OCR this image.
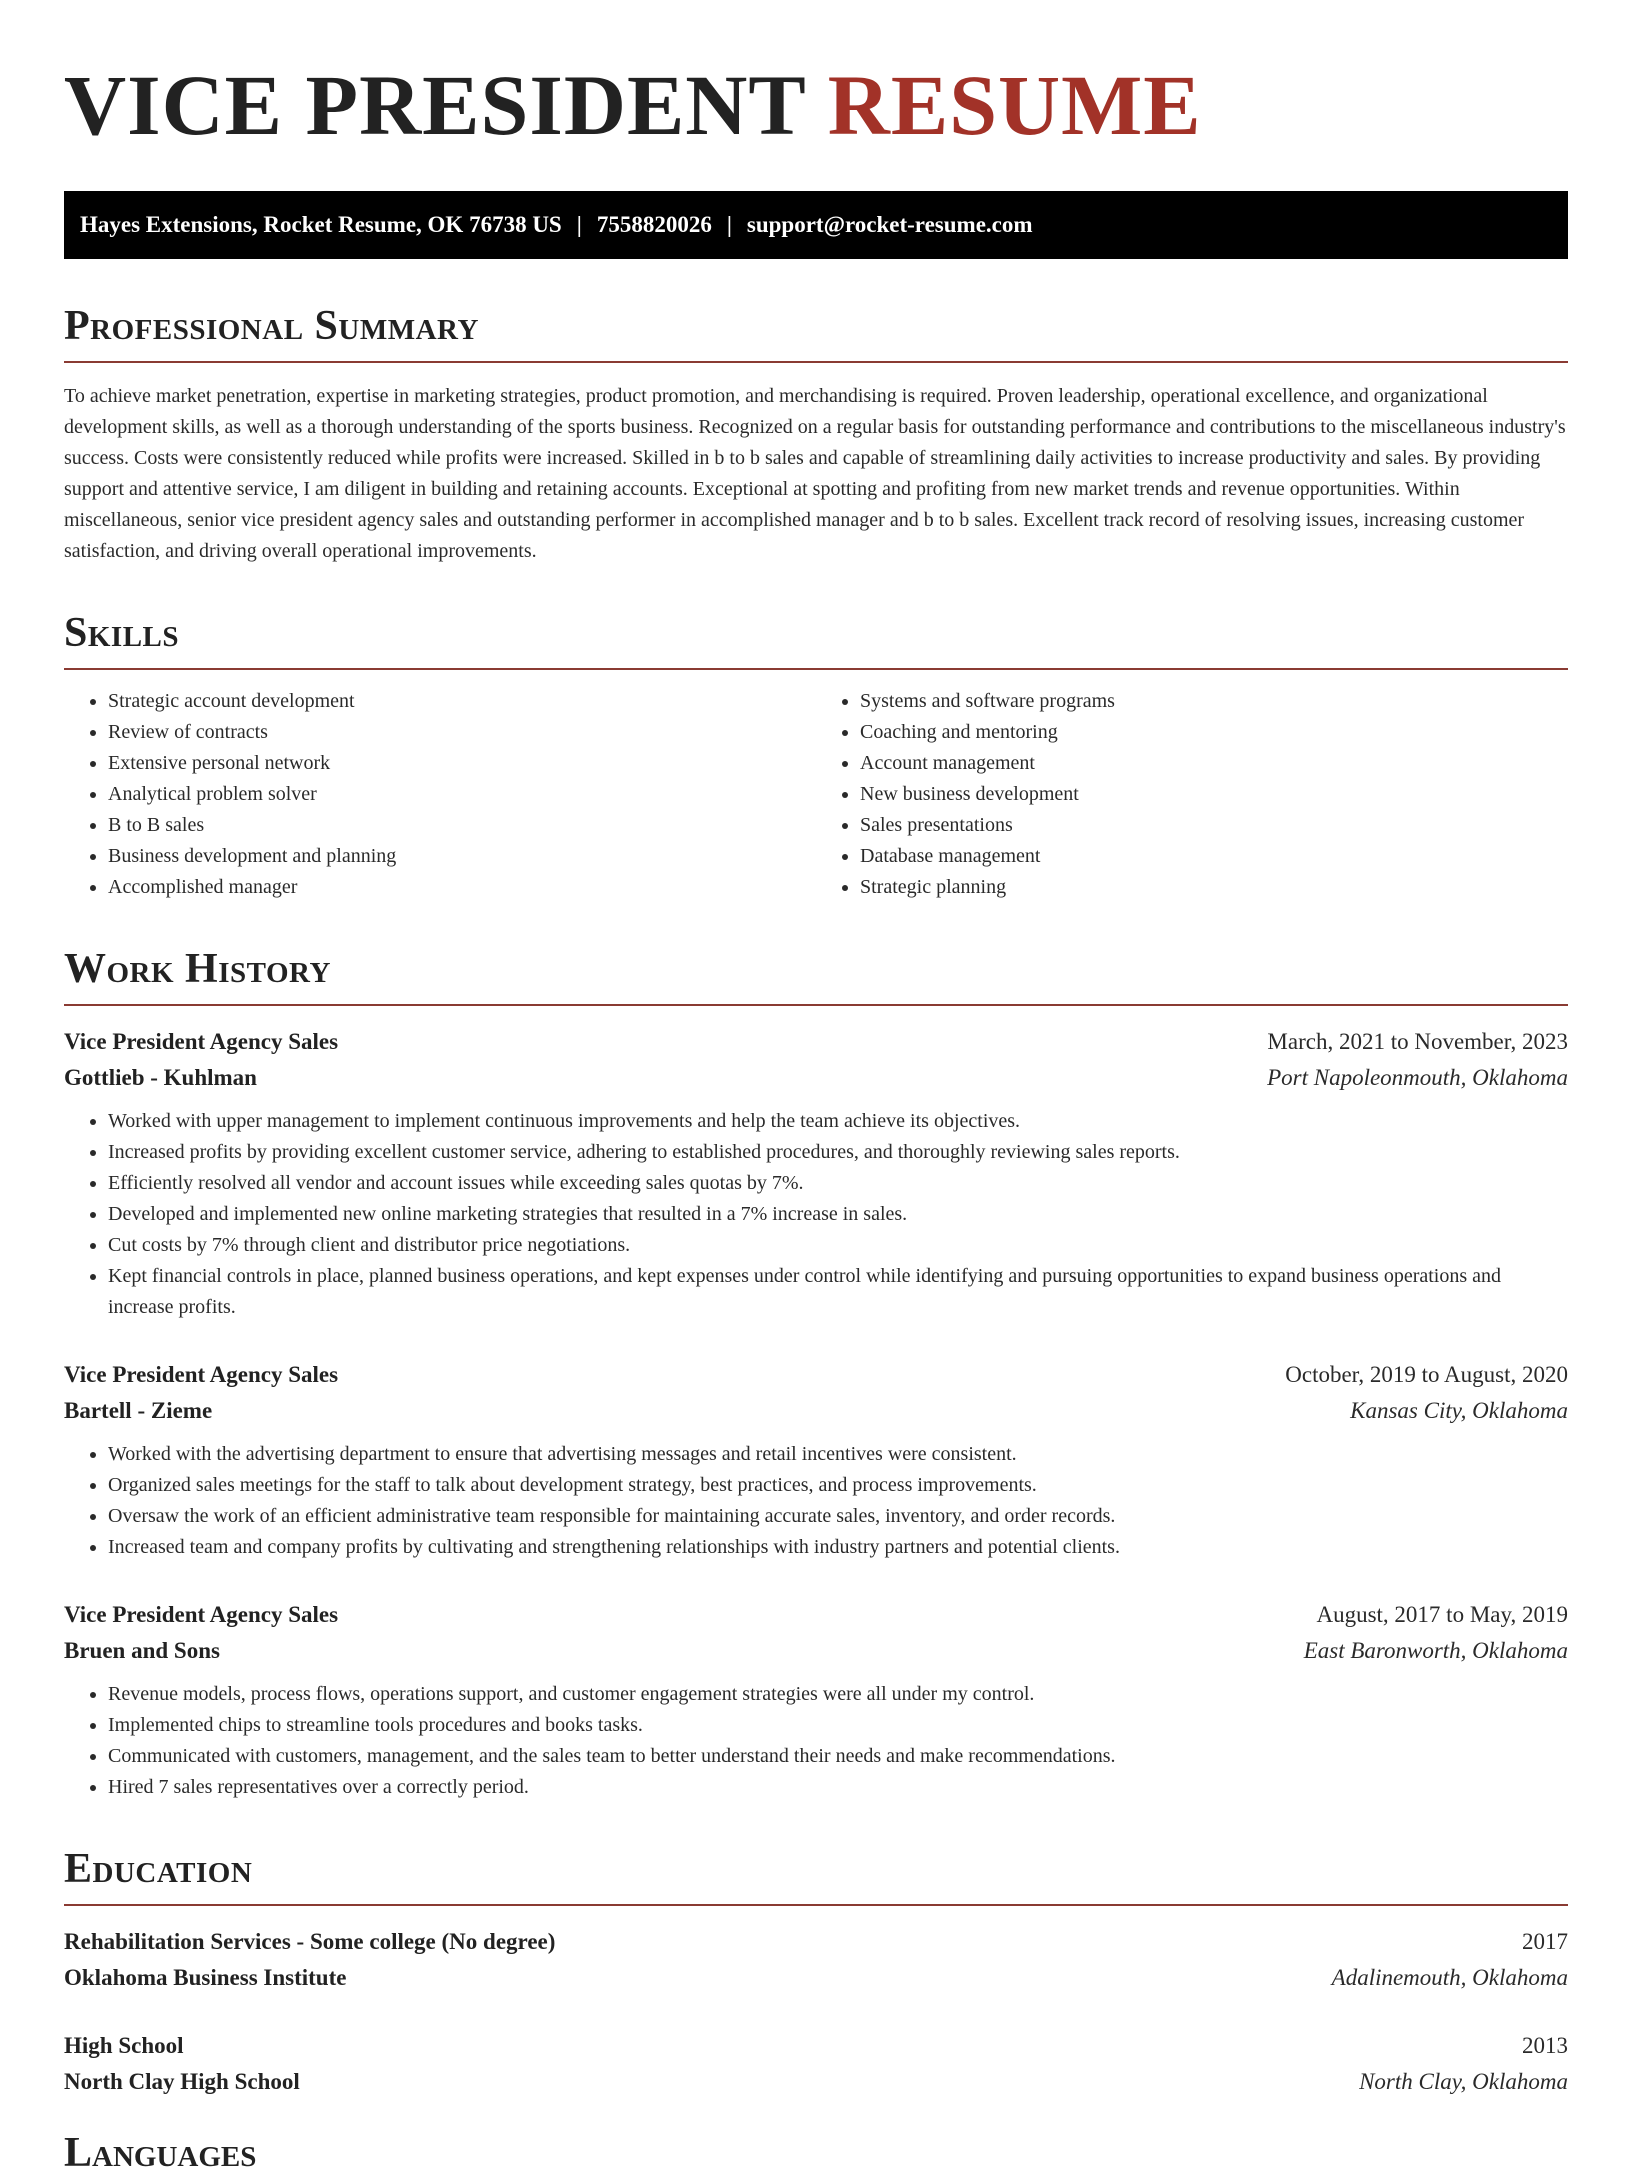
VICE PRESIDENT RESUME
Hayes Extensions, Rocket Resume, OK 76738 US | 7558820026 | support@rocket-resume.com
Professional Summary

To achieve market penetration, expertise in marketing strategies, product promotion, and merchandising is required. Proven leadership, operational excellence, and organizational development skills, as well as a thorough understanding of the sports business. Recognized on a regular basis for outstanding performance and contributions to the miscellaneous industry's success. Costs were consistently reduced while profits were increased. Skilled in b to b sales and capable of streamlining daily activities to increase productivity and sales. By providing support and attentive service, I am diligent in building and retaining accounts. Exceptional at spotting and profiting from new market trends and revenue opportunities. Within miscellaneous, senior vice president agency sales and outstanding performer in accomplished manager and b to b sales. Excellent track record of resolving issues, increasing customer satisfaction, and driving overall operational improvements.

Skills
• Strategic account development
• Review of contracts
• Extensive personal network
• Analytical problem solver
• B to B sales
• Business development and planning
• Accomplished manager
• Systems and software programs
• Coaching and mentoring
• Account management
• New business development
• Sales presentations
• Database management
• Strategic planning
Work History
Vice President Agency Sales	March, 2021 to November, 2023
Gottlieb - Kuhlman	Port Napoleonmouth, Oklahoma
• Worked with upper management to implement continuous improvements and help the team achieve its objectives.
• Increased profits by providing excellent customer service, adhering to established procedures, and thoroughly reviewing sales reports.
• Efficiently resolved all vendor and account issues while exceeding sales quotas by 7%.
• Developed and implemented new online marketing strategies that resulted in a 7% increase in sales.
• Cut costs by 7% through client and distributor price negotiations.
• Kept financial controls in place, planned business operations, and kept expenses under control while identifying and pursuing opportunities to expand business operations and increase profits.
Vice President Agency Sales	October, 2019 to August, 2020
Bartell - Zieme	Kansas City, Oklahoma
• Worked with the advertising department to ensure that advertising messages and retail incentives were consistent.
• Organized sales meetings for the staff to talk about development strategy, best practices, and process improvements.
• Oversaw the work of an efficient administrative team responsible for maintaining accurate sales, inventory, and order records.
• Increased team and company profits by cultivating and strengthening relationships with industry partners and potential clients.
Vice President Agency Sales	August, 2017 to May, 2019
Bruen and Sons	East Baronworth, Oklahoma
• Revenue models, process flows, operations support, and customer engagement strategies were all under my control.
• Implemented chips to streamline tools procedures and books tasks.
• Communicated with customers, management, and the sales team to better understand their needs and make recommendations.
• Hired 7 sales representatives over a correctly period.
Education
Rehabilitation Services - Some college (No degree)	2017
Oklahoma Business Institute	Adalinemouth, Oklahoma
High School	2013
North Clay High School	North Clay, Oklahoma
Languages
